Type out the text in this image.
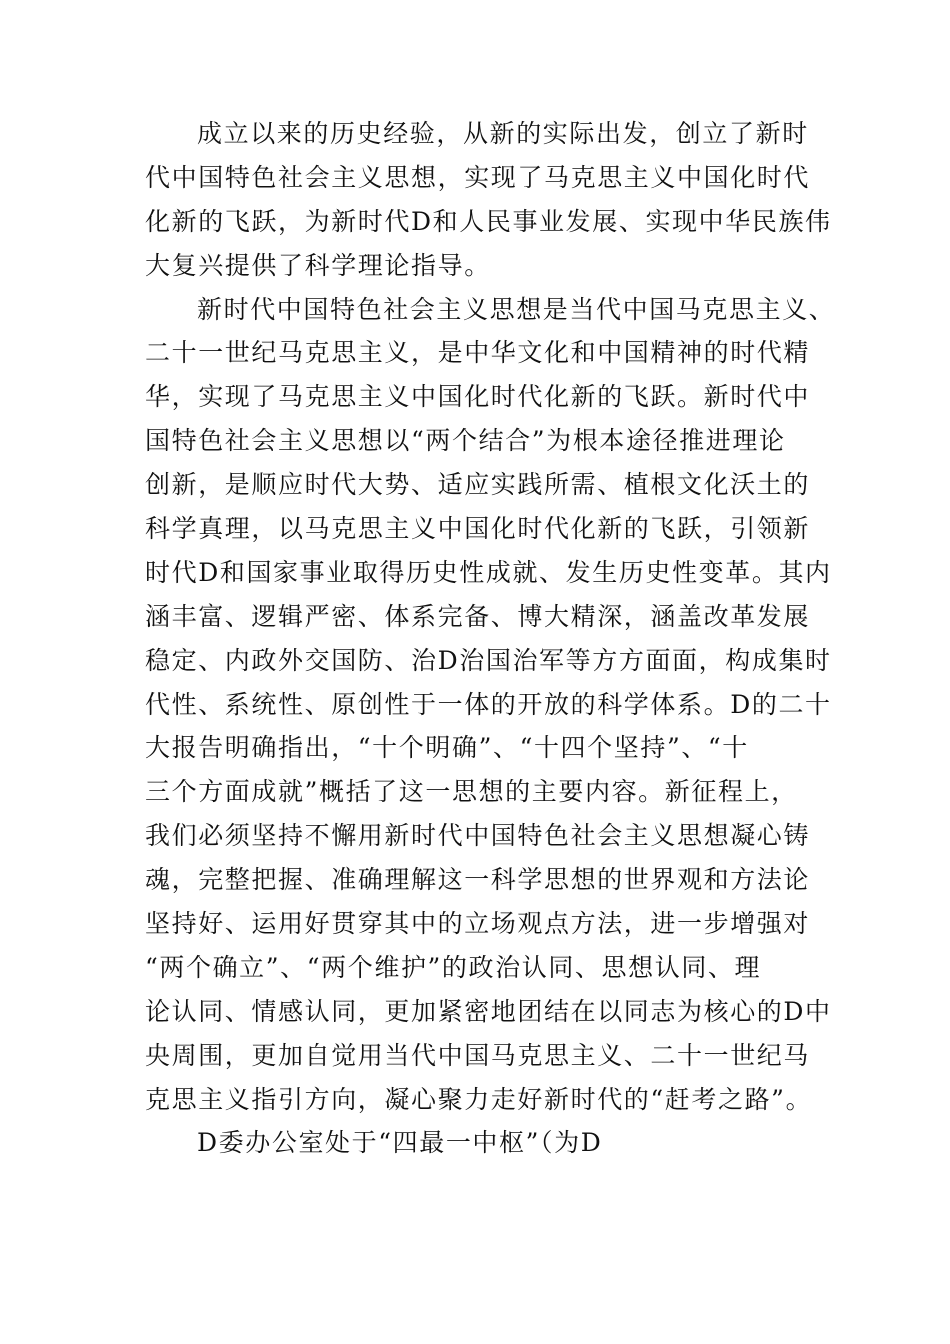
成立以来的历史经验，从新的实际出发，创立了新时
代中国特色社会主义思想，实现了马克思主义中国化时代
化新的飞跃，为新时代D和人民事业发展、实现中华民族伟
大复兴提供了科学理论指导。
新时代中国特色社会主义思想是当代中国马克思主义、
二十一世纪马克思主义，是中华文化和中国精神的时代精
华，实现了马克思主义中国化时代化新的飞跃。新时代中
国特色社会主义思想以“两个结合”为根本途径推进理论
创新，是顺应时代大势、适应实践所需、植根文化沃土的
科学真理，以马克思主义中国化时代化新的飞跃，引领新
时代D和国家事业取得历史性成就、发生历史性变革。其内
涵丰富、逻辑严密、体系完备、博大精深，涵盖改革发展
稳定、内政外交国防、治D治国治军等方方面面，构成集时
代性、系统性、原创性于一体的开放的科学体系。D的二十
大报告明确指出，“十个明确”、“十四个坚持”、“十
三个方面成就”概括了这一思想的主要内容。新征程上，
我们必须坚持不懈用新时代中国特色社会主义思想凝心铸
魂，完整把握、准确理解这一科学思想的世界观和方法论
坚持好、运用好贯穿其中的立场观点方法，进一步增强对
“两个确立”、“两个维护”的政治认同、思想认同、理
论认同、情感认同，更加紧密地团结在以同志为核心的D中
央周围，更加自觉用当代中国马克思主义、二十一世纪马
克思主义指引方向，凝心聚力走好新时代的“赶考之路”。
D委办公室处于“四最一中枢”（为D
